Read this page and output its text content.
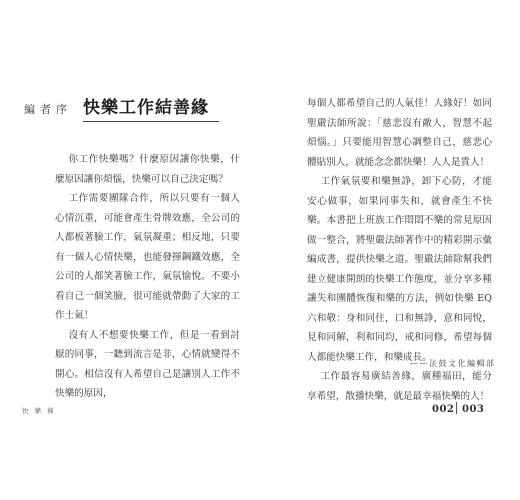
編者序 快樂工作結善緣

你工作快樂嗎？什麼原因讓你快樂，什麼原因讓你煩惱，快樂可以自己決定嗎？

工作需要團隊合作，所以只要有一個人心情沉重，可能會產生骨牌效應，全公司的人都板著臉工作，氣氛凝重；相反地，只要有一個人心情快樂，也能發揮鋼鐵效應，全公司的人都笑著臉工作，氣氛愉悅。不要小看自己一個笑臉，很可能就帶動了大家的工作士氣！

沒有人不想要快樂工作，但是一看到討厭的同事，一聽到流言是非，心情就變得不開心。相信沒有人希望自己是讓別人工作不快樂的原因，

快樂禪

每個人都希望自己的人氣佳！人緣好！如同聖嚴法師所說：「慈悲沒有敵人，智慧不起煩惱。」只要能用智慧心調整自己，慈悲心體貼別人，就能念念都快樂！人人是貴人！

工作氣氛要和樂無諍，卸下心防，才能安心做事，如果同事失和，就會產生不快樂。本書把上班族工作悶悶不樂的常見原因做一整合，將聖嚴法師著作中的精彩開示彙編成書，提供快樂之道。聖嚴法師除幫我們建立健康開朗的快樂工作態度，並分享多種讓失和團體恢復和樂的方法，例如快樂 EQ 六和敬：身和同住，口和無諍，意和同悅，見和同解，利和同均，戒和同修，希望每個人都能快樂工作，和樂成長。

工作最容易廣結善緣，廣種福田，能分享希望，散播快樂，就是最幸福快樂的人！

——法鼓文化編輯部
002 003
